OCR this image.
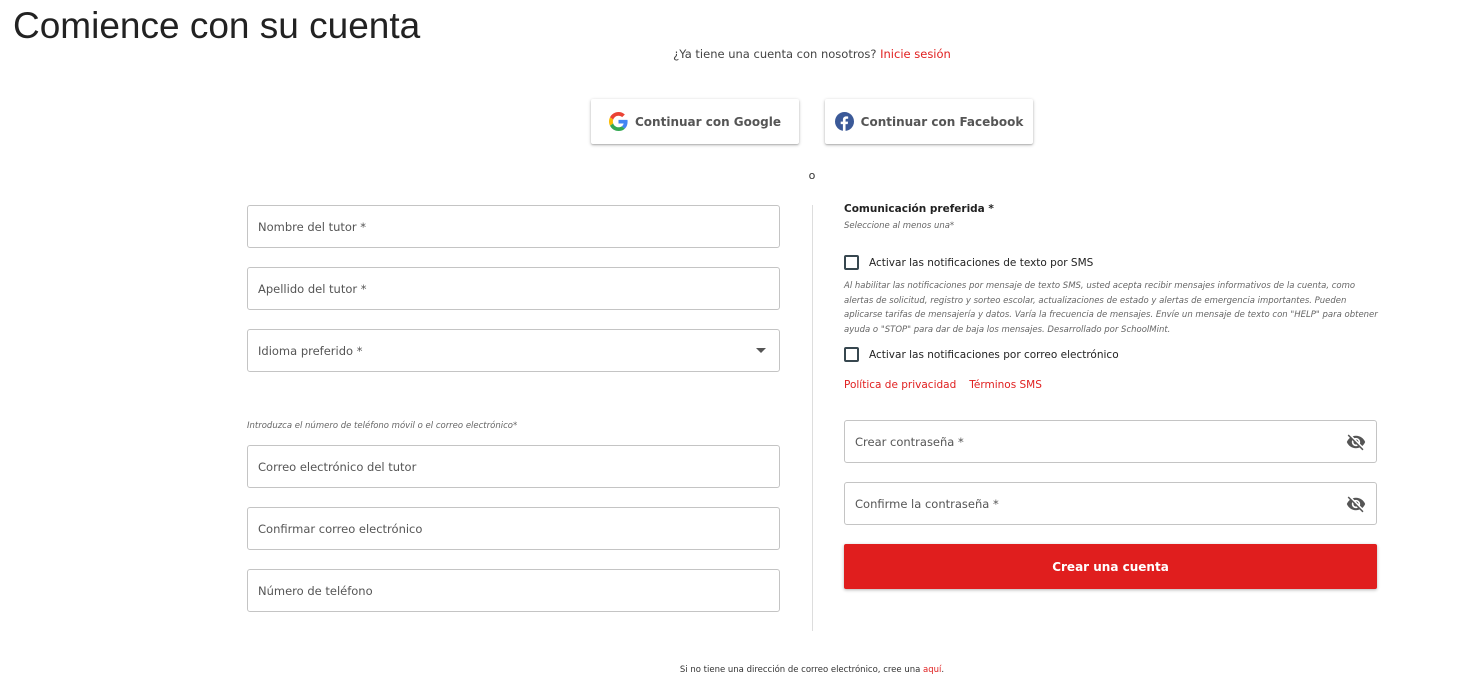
Comience con su cuenta
¿Ya tiene una cuenta con nosotros? Inicie sesión
Continuar con Google	Continuar con Facebook
o
Nombre del tutor *
Apellido del tutor *
Idioma preferido *
Introduzca el número de teléfono móvil o el correo electrónico*
Correo electrónico del tutor
Confirmar correo electrónico
Número de teléfono
Comunicación preferida *
Seleccione al menos una*
Activar las notificaciones de texto por SMS

Al habilitar las notificaciones por mensaje de texto SMS, usted acepta recibir mensajes informativos de la cuenta, como alertas de solicitud, registro y sorteo escolar, actualizaciones de estado y alertas de emergencia importantes. Pueden aplicarse tarifas de mensajería y datos. Varía la frecuencia de mensajes. Envíe un mensaje de texto con "HELP" para obtener ayuda o "STOP" para dar de baja los mensajes. Desarrollado por SchoolMint.

Activar las notificaciones por correo electrónico
Política de privacidad Términos SMS
Crear contraseña *
Confirme la contraseña *
Crear una cuenta
Si no tiene una dirección de correo electrónico, cree una aquí.
